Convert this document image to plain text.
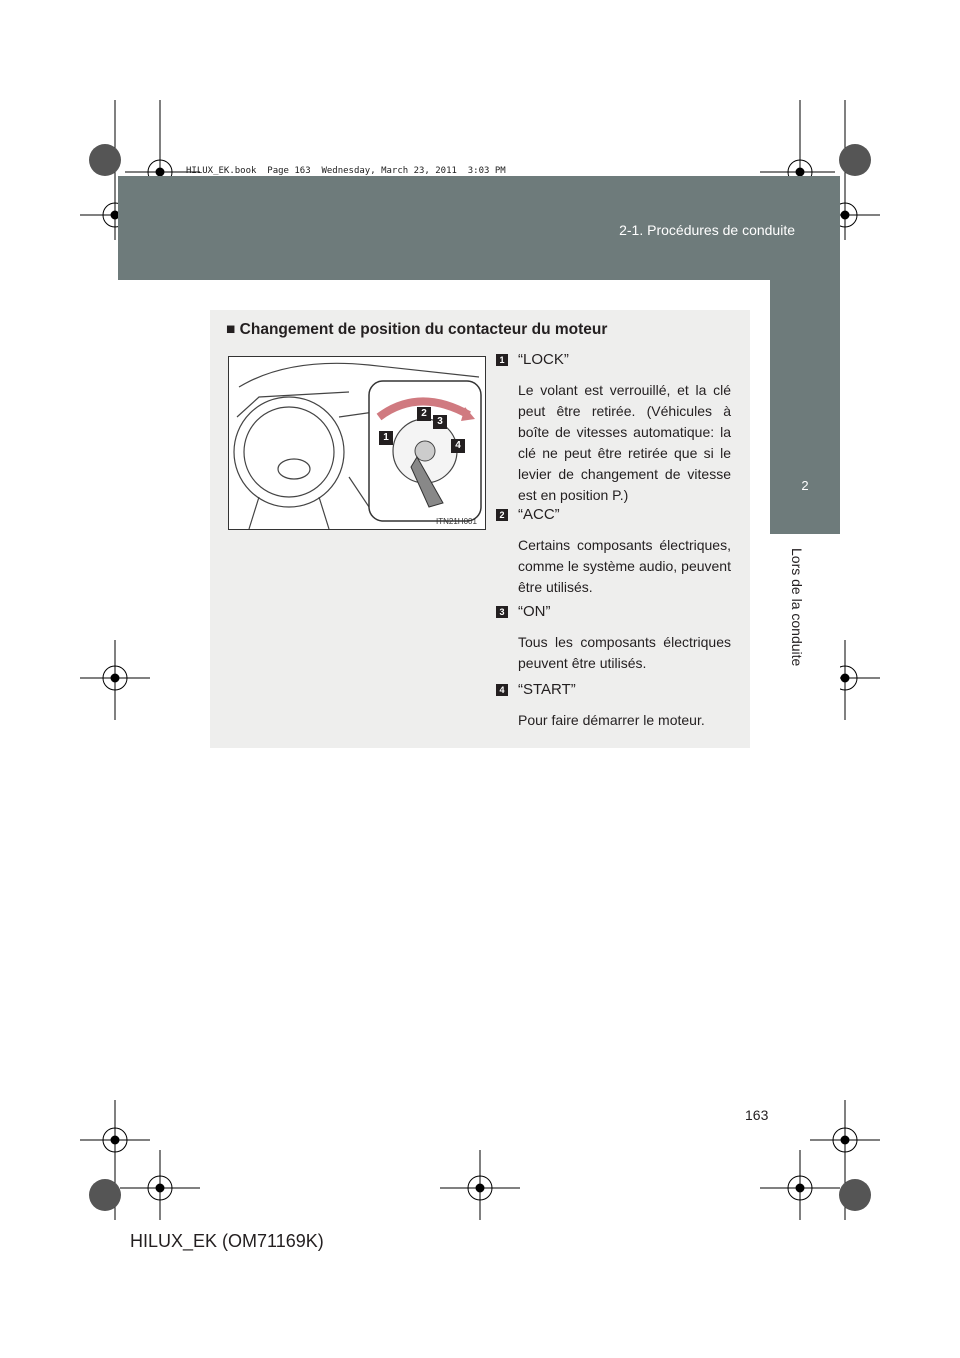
HILUX_EK.book  Page 163  Wednesday, March 23, 2011  3:03 PM
2-1. Procédures de conduite
2
Lors de la conduite
■ Changement de position du contacteur du moteur
1
2
3
4
ITN21H001
1 “LOCK”
Le volant est verrouillé, et la clé peut être retirée. (Véhicules à boîte de vitesses automatique: la clé ne peut être retirée que si le levier de changement de vitesse est en position P.)
2 “ACC”
Certains composants électriques, comme le système audio, peuvent être utilisés.
3 “ON”
Tous les composants électriques peuvent être utilisés.
4 “START”
Pour faire démarrer le moteur.
163
HILUX_EK (OM71169K)
